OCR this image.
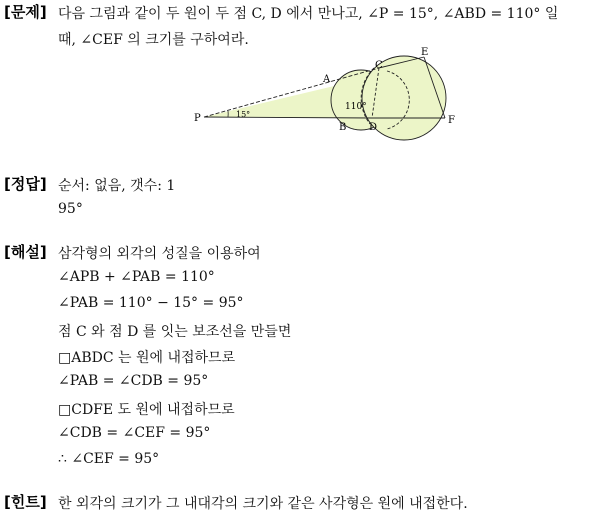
[문제] 다음 그림과 같이 두 원이 두 점 C, D 에서 만나고, ∠P = 15°, ∠ABD = 110° 일
때, ∠CEF 의 크기를 구하여라.
P
A
B
C
D
E
F
15°
110°
[정답] 순서: 없음, 갯수: 1
95°
[해설] 삼각형의 외각의 성질을 이용하여
∠APB + ∠PAB = 110°
∠PAB = 110° − 15° = 95°
점 C 와 점 D 를 잇는 보조선을 만들면
□ABDC 는 원에 내접하므로
∠PAB = ∠CDB = 95°
□CDFE 도 원에 내접하므로
∠CDB = ∠CEF = 95°
∴ ∠CEF = 95°
[힌트] 한 외각의 크기가 그 내대각의 크기와 같은 사각형은 원에 내접한다.
